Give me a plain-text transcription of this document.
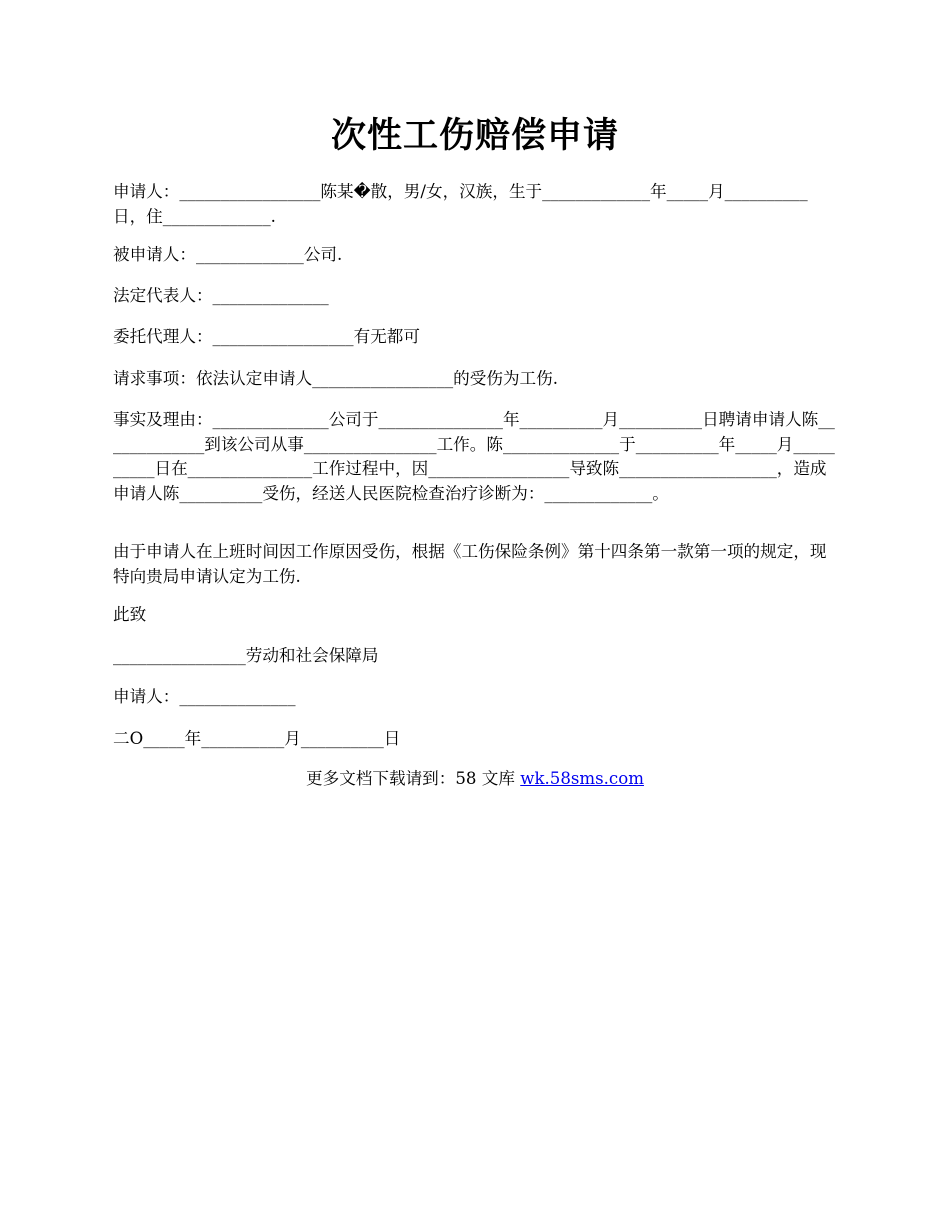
次性工伤赔偿申请
申请人：_________________陈某�散，男/女，汉族，生于_____________年_____月__________日，住_____________.
被申请人：_____________公司.
法定代表人：______________
委托代理人：_________________有无都可
请求事项：依法认定申请人_________________的受伤为工伤.
事实及理由：______________公司于_______________年__________月__________日聘请申请人陈_____________到该公司从事________________工作。陈______________于__________年_____月__________日在_______________工作过程中，因_________________导致陈___________________，造成申请人陈__________受伤，经送人民医院检查治疗诊断为：_____________。
由于申请人在上班时间因工作原因受伤，根据《工伤保险条例》第十四条第一款第一项的规定，现特向贵局申请认定为工伤.
此致
________________劳动和社会保障局
申请人：______________
二O_____年__________月__________日
更多文档下载请到：58 文库 wk.58sms.com
